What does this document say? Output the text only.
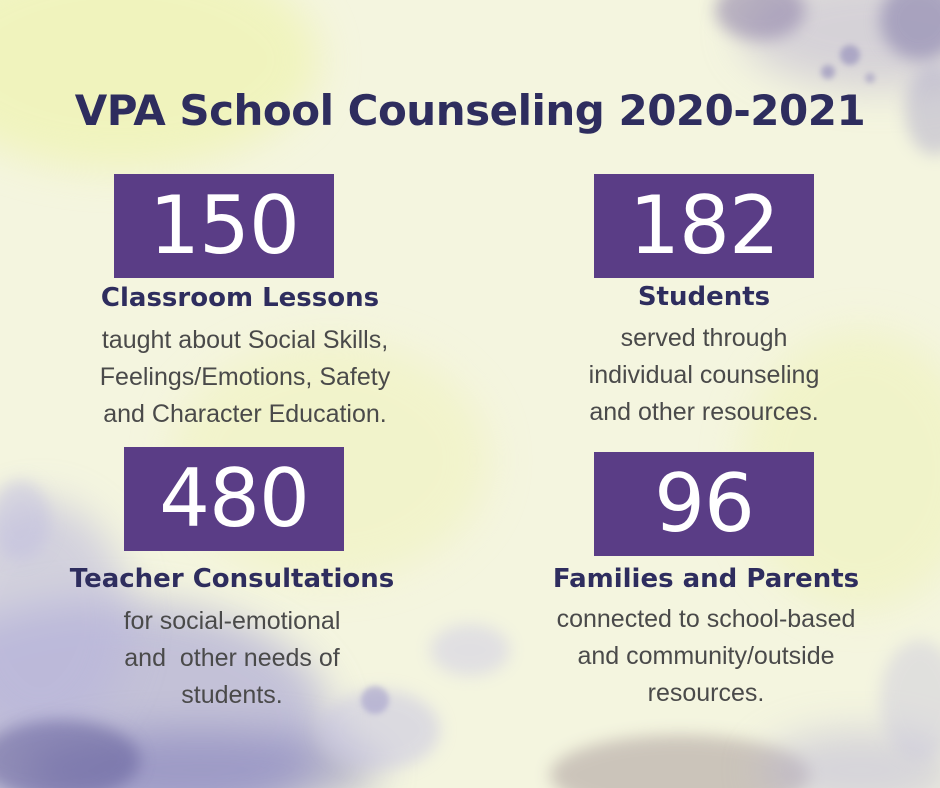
VPA School Counseling 2020-2021
150
Classroom Lessons
taught about Social Skills,
Feelings/Emotions, Safety
and Character Education.
182
Students
served through
individual counseling
and other resources.
480
Teacher Consultations
for social-emotional
and  other needs of
students.
96
Families and Parents
connected to school-based
and community/outside
resources.
